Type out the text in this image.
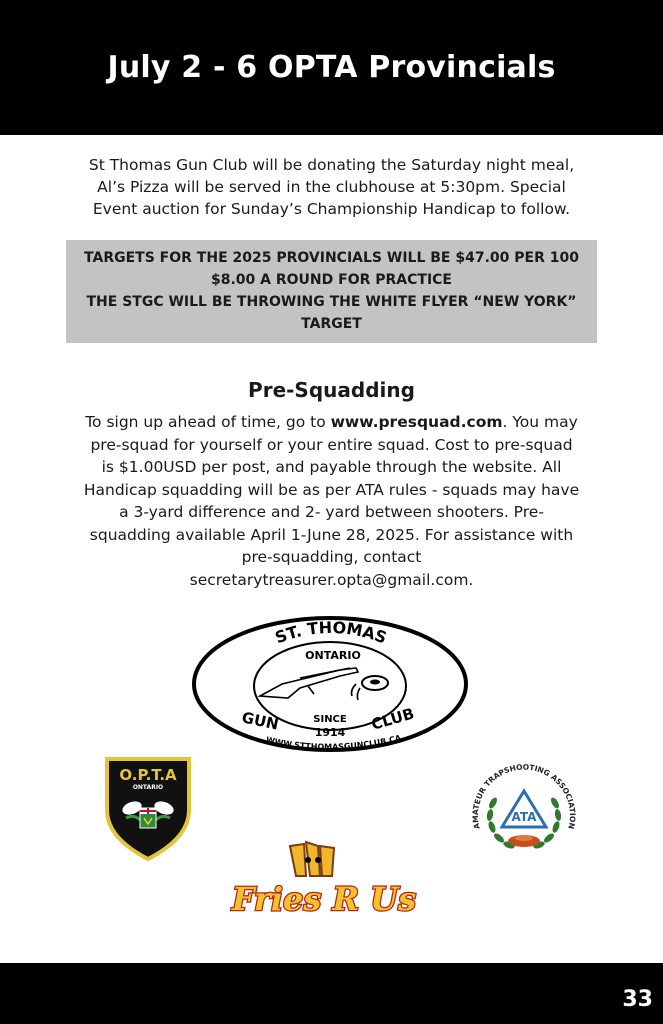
July 2 - 6 OPTA Provincials

St Thomas Gun Club will be donating the Saturday night meal,

Al’s Pizza will be served in the clubhouse at 5:30pm. Special

Event auction for Sunday’s Championship Handicap to follow.

TARGETS FOR THE 2025 PROVINCIALS WILL BE $47.00 PER 100
$8.00 A ROUND FOR PRACTICE
THE STGC WILL BE THROWING THE WHITE FLYER “NEW YORK”
TARGET
Pre-Squadding

To sign up ahead of time, go to www.presquad.com. You may

pre-squad for yourself or your entire squad. Cost to pre-squad

is $1.00USD per post, and payable through the website. All

Handicap squadding will be as per ATA rules - squads may have

a 3-yard difference and 2- yard between shooters. Pre-

squadding available April 1-June 28, 2025. For assistance with

pre-squadding, contact

secretarytreasurer.opta@gmail.com.

ST. THOMAS
ONTARIO
GUN	CLUB
SINCE
1914
WWW.STTHOMASGUNCLUB.CA
O.P.T.A
ONTARIO
AMATEUR TRAPSHOOTING ASSOCIATION
ATA
Fries R Us
33
